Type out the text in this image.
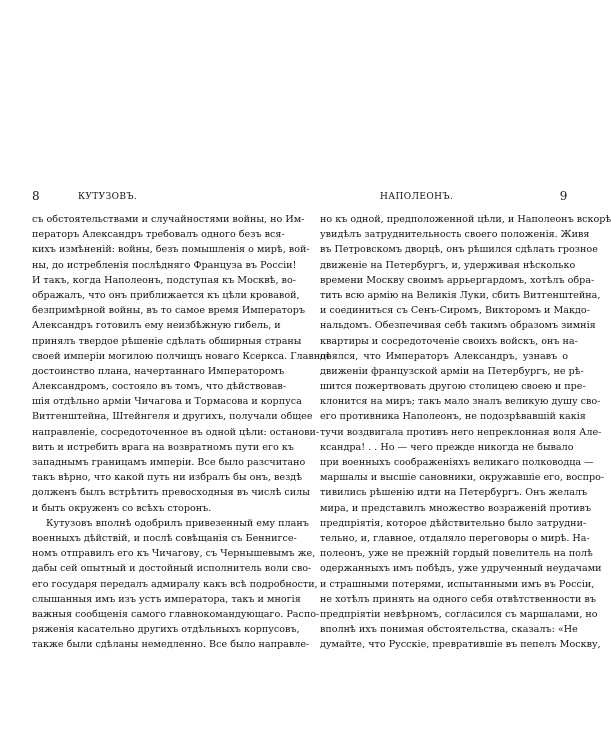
8	КУТУЗОВЪ.
съ обстоятельствами и случайностями войны, но Им-
ператоръ Александръ требовалъ одного безъ вся-
кихъ измѣненій: войны, безъ помышленія о мирѣ, вой-
ны, до истребленія послѣдняго Француза въ Россіи!
И такъ, когда Наполеонъ, подступая къ Москвѣ, во-
ображалъ, что онъ приближается къ цѣли кровавой,
безпримѣрной войны, въ то самое время Императоръ
Александръ готовилъ ему неизбѣжную гибель, и
принялъ твердое рѣшеніе сдѣлать обширныя страны
своей имперіи могилою полчищъ новаго Ксеркса. Главное
достоинство плана, начертаннаго Императоромъ
Александромъ, состояло въ томъ, что дѣйствовав-
шія отдѣльно арміи Чичагова и Тормасова и корпуса
Витгенштейна, Штейнгеля и другихъ, получали общее
направленіе, сосредоточенное въ одной цѣли: останови-
вить и истребить врага на возвратномъ пути его къ
западнымъ границамъ имперіи. Все было разсчитано
такъ вѣрно, что какой путь ни избралъ бы онъ, вездѣ
долженъ былъ встрѣтить превосходныя въ числѣ силы
и быть окруженъ со всѣхъ сторонъ.
Кутузовъ вполнѣ одобрилъ привезенный ему планъ
военныхъ дѣйствій, и послѣ совѣщанія съ Беннигсе-
номъ отправилъ его къ Чичагову, съ Чернышевымъ же,
дабы сей опытный и достойный исполнитель воли сво-
его государя передалъ адмиралу какъ всѣ подробности,
слышанныя имъ изъ устъ императора, такъ и многія
важныя сообщенія самого главнокомандующаго. Распо-
ряженія касательно другихъ отдѣльныхъ корпусовъ,
также были сдѣланы немедленно. Все было направле-
НАПОЛЕОНЪ.	9
но къ одной, предположенной цѣли, и Наполеонъ вскорѣ
увидѣлъ затруднительность своего положенія. Живя
въ Петровскомъ дворцѣ, онъ рѣшился сдѣлать грозное
движеніе на Петербургъ, и, удерживая нѣсколько
времени Москву своимъ аррьергардомъ, хотѣлъ обра-
тить всю армію на Великія Луки, сбить Витгенштейна,
и соединиться съ Сенъ-Сиромъ, Викторомъ и Макдо-
нальдомъ. Обезпечивая себѣ такимъ образомъ зимнія
квартиры и сосредоточеніе своихъ войскъ, онъ на-
дѣялся, что Императоръ Александръ, узнавъ о
движеніи французской арміи на Петербургъ, не рѣ-
шится пожертвовать другою столицею своею и пре-
клонится на миръ; такъ мало зналъ великую душу сво-
его противника Наполеонъ, не подозрѣвавшій какія
тучи воздвигала противъ него непреклонная воля Але-
ксандра! . . Но — чего прежде никогда не бывало
при военныхъ соображеніяхъ великаго полководца —
маршалы и высшіе сановники, окружавшіе его, воспро-
тивились рѣшенію идти на Петербургъ. Онъ желалъ
мира, и представилъ множество возраженій противъ
предпріятія, которое дѣйствительно было затрудни-
тельно, и, главное, отдаляло переговоры о мирѣ. На-
полеонъ, уже не прежній гордый повелитель на полѣ
одержанныхъ имъ побѣдъ, уже удрученный неудачами
и страшными потерями, испытанными имъ въ Россіи,
не хотѣлъ принять на одного себя отвѣтственности въ
предпріятіи невѣрномъ, согласился съ маршалами, но
вполнѣ ихъ понимая обстоятельства, сказалъ: «Не
думайте, что Русскіе, превратившіе въ пепелъ Москву,
